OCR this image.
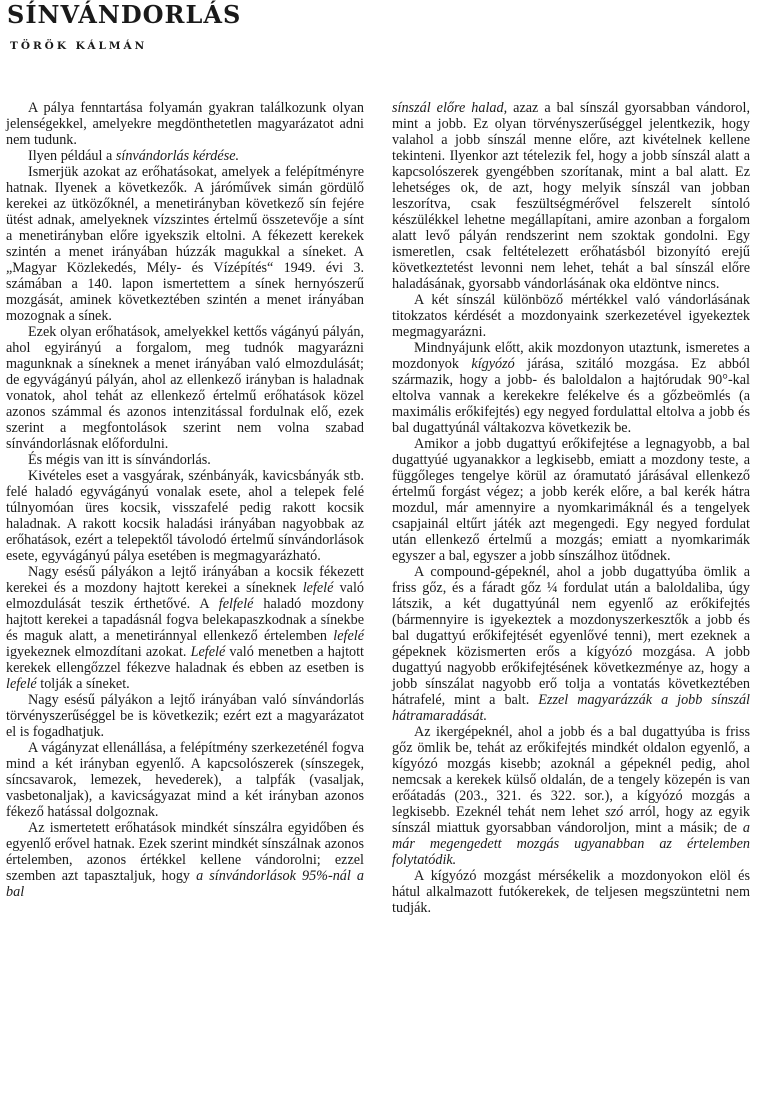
SÍNVÁNDORLÁS
TÖRÖK KÁLMÁN

A pálya fenntartása folyamán gyakran találkozunk olyan jelenségekkel, amelyekre megdönthetetlen magyarázatot adni nem tudunk.

Ilyen például a sínvándorlás kérdése.

Ismerjük azokat az erőhatásokat, amelyek a felépítményre hatnak. Ilyenek a következők. A járóművek simán gördülő kerekei az ütközőknél, a menetirányban következő sín fejére ütést adnak, amelyeknek vízszintes értelmű összetevője a sínt a menetirányban előre igyekszik eltolni. A fékezett kerekek szintén a menet irányában húzzák magukkal a síneket. A „Magyar Közlekedés, Mély- és Vízépítés“ 1949. évi 3. számában a 140. lapon ismertettem a sínek hernyószerű mozgását, aminek következtében szintén a menet irányában mozognak a sínek.

Ezek olyan erőhatások, amelyekkel kettős vágányú pályán, ahol egyirányú a forgalom, meg tudnók magyarázni magunknak a síneknek a menet irányában való elmozdulását; de egyvágányú pályán, ahol az ellenkező irányban is haladnak vonatok, ahol tehát az ellenkező értelmű erőhatások közel azonos számmal és azonos intenzitással fordulnak elő, ezek szerint a megfontolások szerint nem volna szabad sínvándorlásnak előfordulni.

És mégis van itt is sínvándorlás.

Kivételes eset a vasgyárak, szénbányák, kavicsbányák stb. felé haladó egyvágányú vonalak esete, ahol a telepek felé túlnyomóan üres kocsik, visszafelé pedig rakott kocsik haladnak. A rakott kocsik haladási irányában nagyobbak az erőhatások, ezért a telepektől távolodó értelmű sínvándorlások esete, egyvágányú pálya esetében is megmagyarázható.

Nagy esésű pályákon a lejtő irányában a kocsik fékezett kerekei és a mozdony hajtott kerekei a síneknek lefelé való elmozdulását teszik érthetővé. A felfelé haladó mozdony hajtott kerekei a tapadásnál fogva belekapaszkodnak a sínekbe és maguk alatt, a menetiránnyal ellenkező értelemben lefelé igyekeznek elmozdítani azokat. Lefelé való menetben a hajtott kerekek ellengőzzel fékezve haladnak és ebben az esetben is lefelé tolják a síneket.

Nagy esésű pályákon a lejtő irányában való sínvándorlás törvényszerűséggel be is következik; ezért ezt a magyarázatot el is fogadhatjuk.

A vágányzat ellenállása, a felépítmény szerkezeténél fogva mind a két irányban egyenlő. A kapcsolószerek (sínszegek, síncsavarok, lemezek, hevederek), a talpfák (vasaljak, vasbetonaljak), a kavicságyazat mind a két irányban azonos fékező hatással dolgoznak.

Az ismertetett erőhatások mindkét sínszálra egyidőben és egyenlő erővel hatnak. Ezek szerint mindkét sínszálnak azonos értelemben, azonos értékkel kellene vándorolni; ezzel szemben azt tapasztaljuk, hogy a sínvándorlások 95%-nál a bal

sínszál előre halad, azaz a bal sínszál gyorsabban vándorol, mint a jobb. Ez olyan törvényszerűséggel jelentkezik, hogy valahol a jobb sínszál menne előre, azt kivételnek kellene tekinteni. Ilyenkor azt tételezik fel, hogy a jobb sínszál alatt a kapcsolószerek gyengébben szorítanak, mint a bal alatt. Ez lehetséges ok, de azt, hogy melyik sínszál van jobban leszorítva, csak feszültségmérővel felszerelt síntoló készülékkel lehetne megállapítani, amire azonban a forgalom alatt levő pályán rendszerint nem szoktak gondolni. Egy ismeretlen, csak feltételezett erőhatásból bizonyító erejű következtetést levonni nem lehet, tehát a bal sínszál előre haladásának, gyorsabb vándorlásának oka eldöntve nincs.

A két sínszál különböző mértékkel való vándorlásának titokzatos kérdését a mozdonyaink szerkezetével igyekeztek megmagyarázni.

Mindnyájunk előtt, akik mozdonyon utaztunk, ismeretes a mozdonyok kígyózó járása, szitáló mozgása. Ez abból származik, hogy a jobb- és baloldalon a hajtórudak 90°-kal eltolva vannak a kerekekre felékelve és a gőzbeömlés (a maximális erőkifejtés) egy negyed fordulattal eltolva a jobb és bal dugattyúnál váltakozva következik be.

Amikor a jobb dugattyú erőkifejtése a legnagyobb, a bal dugattyúé ugyanakkor a legkisebb, emiatt a mozdony teste, a függőleges tengelye körül az óramutató járásával ellenkező értelmű forgást végez; a jobb kerék előre, a bal kerék hátra mozdul, már amennyire a nyomkarimáknál és a tengelyek csapjainál eltűrt játék azt megengedi. Egy negyed fordulat után ellenkező értelmű a mozgás; emiatt a nyomkarimák egyszer a bal, egyszer a jobb sínszálhoz ütődnek.

A compound-gépeknél, ahol a jobb dugattyúba ömlik a friss gőz, és a fáradt gőz ¼ fordulat után a baloldaliba, úgy látszik, a két dugattyúnál nem egyenlő az erőkifejtés (bármennyire is igyekeztek a mozdonyszerkesztők a jobb és bal dugattyú erőkifejtését egyenlővé tenni), mert ezeknek a gépeknek közismerten erős a kígyózó mozgása. A jobb dugattyú nagyobb erőkifejtésének következménye az, hogy a jobb sínszálat nagyobb erő tolja a vontatás következtében hátrafelé, mint a balt. Ezzel magyarázzák a jobb sínszál hátramaradását.

Az ikergépeknél, ahol a jobb és a bal dugattyúba is friss gőz ömlik be, tehát az erőkifejtés mindkét oldalon egyenlő, a kígyózó mozgás kisebb; azoknál a gépeknél pedig, ahol nemcsak a kerekek külső oldalán, de a tengely közepén is van erőátadás (203., 321. és 322. sor.), a kígyózó mozgás a legkisebb. Ezeknél tehát nem lehet szó arról, hogy az egyik sínszál miattuk gyorsabban vándoroljon, mint a másik; de a már megengedett mozgás ugyanabban az értelemben folytatódik.

A kígyózó mozgást mérsékelik a mozdonyokon elöl és hátul alkalmazott futókerekek, de teljesen megszüntetni nem tudják.
